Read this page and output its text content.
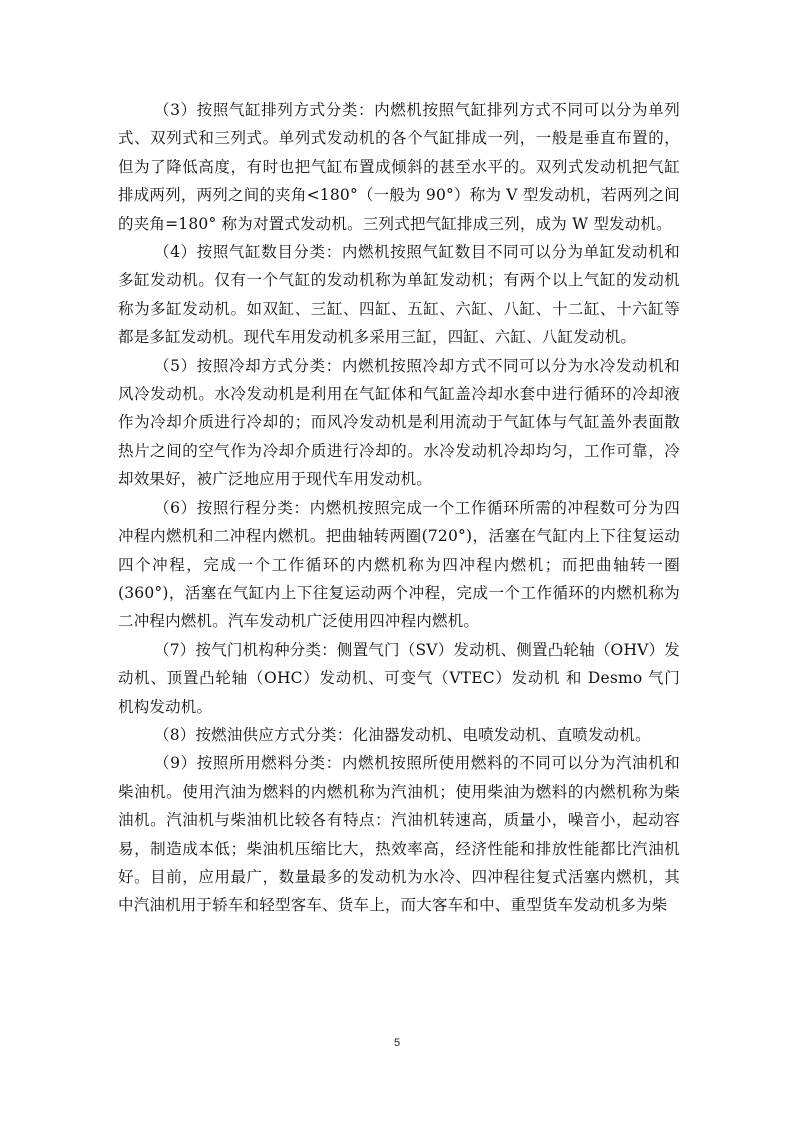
（3）按照气缸排列方式分类：内燃机按照气缸排列方式不同可以分为单列式、双列式和三列式。单列式发动机的各个气缸排成一列，一般是垂直布置的，但为了降低高度，有时也把气缸布置成倾斜的甚至水平的。双列式发动机把气缸排成两列，两列之间的夹角<180°（一般为 90°）称为 V 型发动机，若两列之间的夹角=180° 称为对置式发动机。三列式把气缸排成三列，成为 W 型发动机。

（4）按照气缸数目分类：内燃机按照气缸数目不同可以分为单缸发动机和多缸发动机。仅有一个气缸的发动机称为单缸发动机；有两个以上气缸的发动机称为多缸发动机。如双缸、三缸、四缸、五缸、六缸、八缸、十二缸、十六缸等都是多缸发动机。现代车用发动机多采用三缸，四缸、六缸、八缸发动机。

（5）按照冷却方式分类：内燃机按照冷却方式不同可以分为水冷发动机和风冷发动机。水冷发动机是利用在气缸体和气缸盖冷却水套中进行循环的冷却液作为冷却介质进行冷却的；而风冷发动机是利用流动于气缸体与气缸盖外表面散热片之间的空气作为冷却介质进行冷却的。水冷发动机冷却均匀，工作可靠，冷却效果好，被广泛地应用于现代车用发动机。

（6）按照行程分类：内燃机按照完成一个工作循环所需的冲程数可分为四冲程内燃机和二冲程内燃机。把曲轴转两圈(720°)，活塞在气缸内上下往复运动四个冲程，完成一个工作循环的内燃机称为四冲程内燃机；而把曲轴转一圈(360°)，活塞在气缸内上下往复运动两个冲程，完成一个工作循环的内燃机称为二冲程内燃机。汽车发动机广泛使用四冲程内燃机。

（7）按气门机构种分类：侧置气门（SV）发动机、侧置凸轮轴（OHV）发动机、顶置凸轮轴（OHC）发动机、可变气（VTEC）发动机 和 Desmo 气门机构发动机。

（8）按燃油供应方式分类：化油器发动机、电喷发动机、直喷发动机。

（9）按照所用燃料分类：内燃机按照所使用燃料的不同可以分为汽油机和柴油机。使用汽油为燃料的内燃机称为汽油机；使用柴油为燃料的内燃机称为柴油机。汽油机与柴油机比较各有特点：汽油机转速高，质量小，噪音小，起动容易，制造成本低；柴油机压缩比大，热效率高，经济性能和排放性能都比汽油机好。目前，应用最广，数量最多的发动机为水冷、四冲程往复式活塞内燃机，其中汽油机用于轿车和轻型客车、货车上，而大客车和中、重型货车发动机多为柴

5
